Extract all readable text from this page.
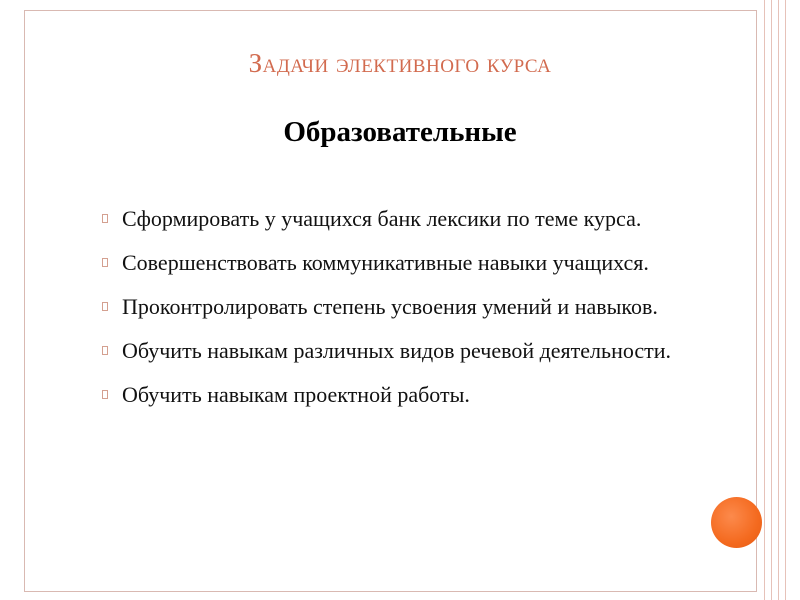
Задачи элективного курса
Образовательные
Сформировать у учащихся банк лексики по теме курса.
Совершенствовать коммуникативные навыки учащихся.
Проконтролировать степень усвоения умений и навыков.
Обучить навыкам различных видов речевой деятельности.
Обучить навыкам проектной работы.
